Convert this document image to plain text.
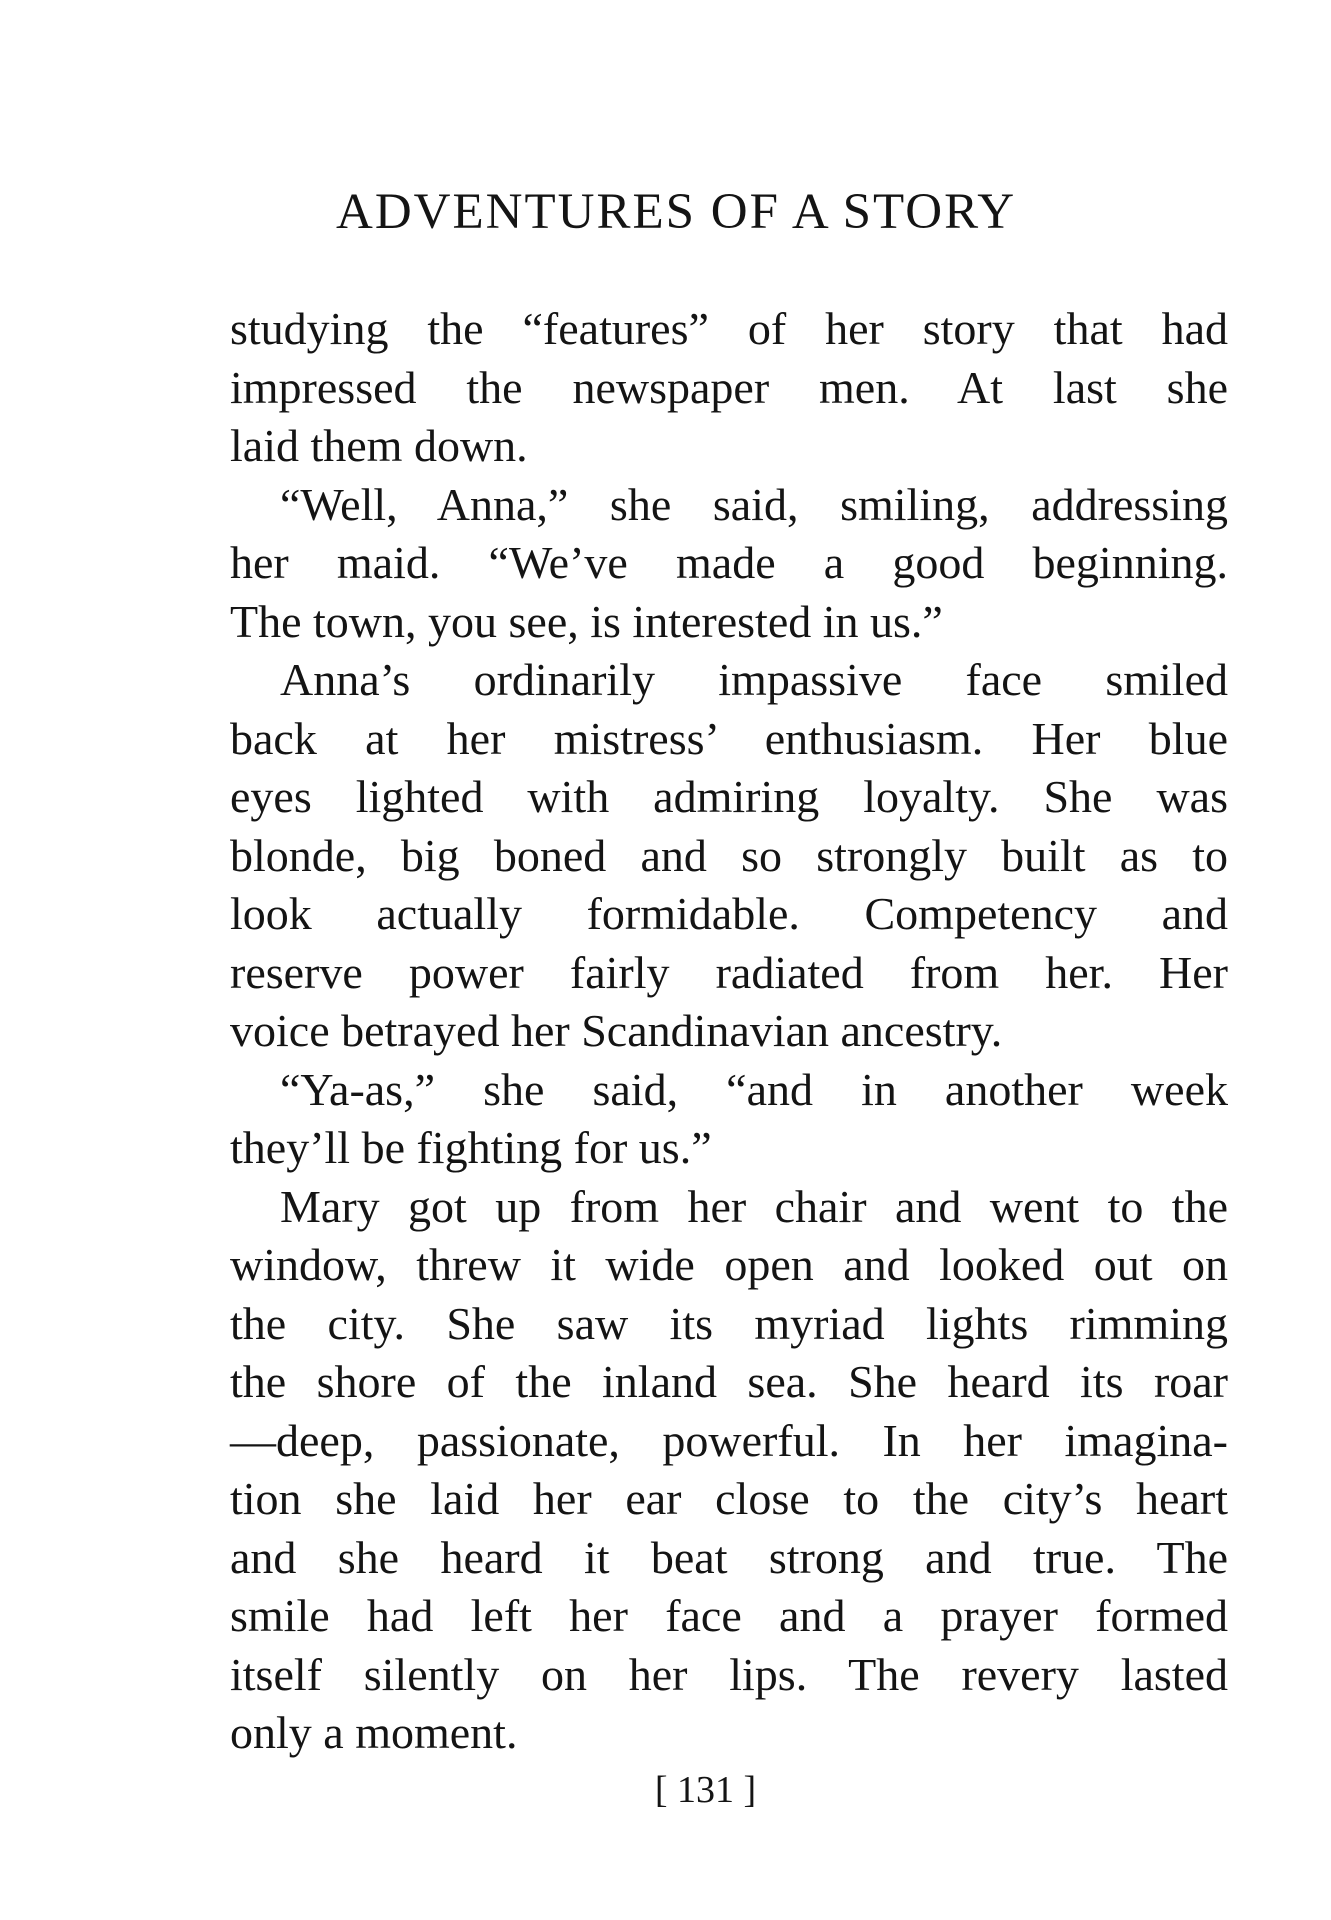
ADVENTURES OF A STORY

studying the “features” of her story that had
impressed the newspaper men. At last she
laid them down.

“Well, Anna,” she said, smiling, addressing
her maid. “We’ve made a good beginning.
The town, you see, is interested in us.”

Anna’s ordinarily impassive face smiled
back at her mistress’ enthusiasm. Her blue
eyes lighted with admiring loyalty. She was
blonde, big boned and so strongly built as to
look actually formidable. Competency and
reserve power fairly radiated from her. Her
voice betrayed her Scandinavian ancestry.

“Ya-as,” she said, “and in another week
they’ll be fighting for us.”

Mary got up from her chair and went to the
window, threw it wide open and looked out on
the city. She saw its myriad lights rimming
the shore of the inland sea. She heard its roar
—deep, passionate, powerful. In her imagina-
tion she laid her ear close to the city’s heart
and she heard it beat strong and true. The
smile had left her face and a prayer formed
itself silently on her lips. The revery lasted
only a moment.

[ 131 ]
